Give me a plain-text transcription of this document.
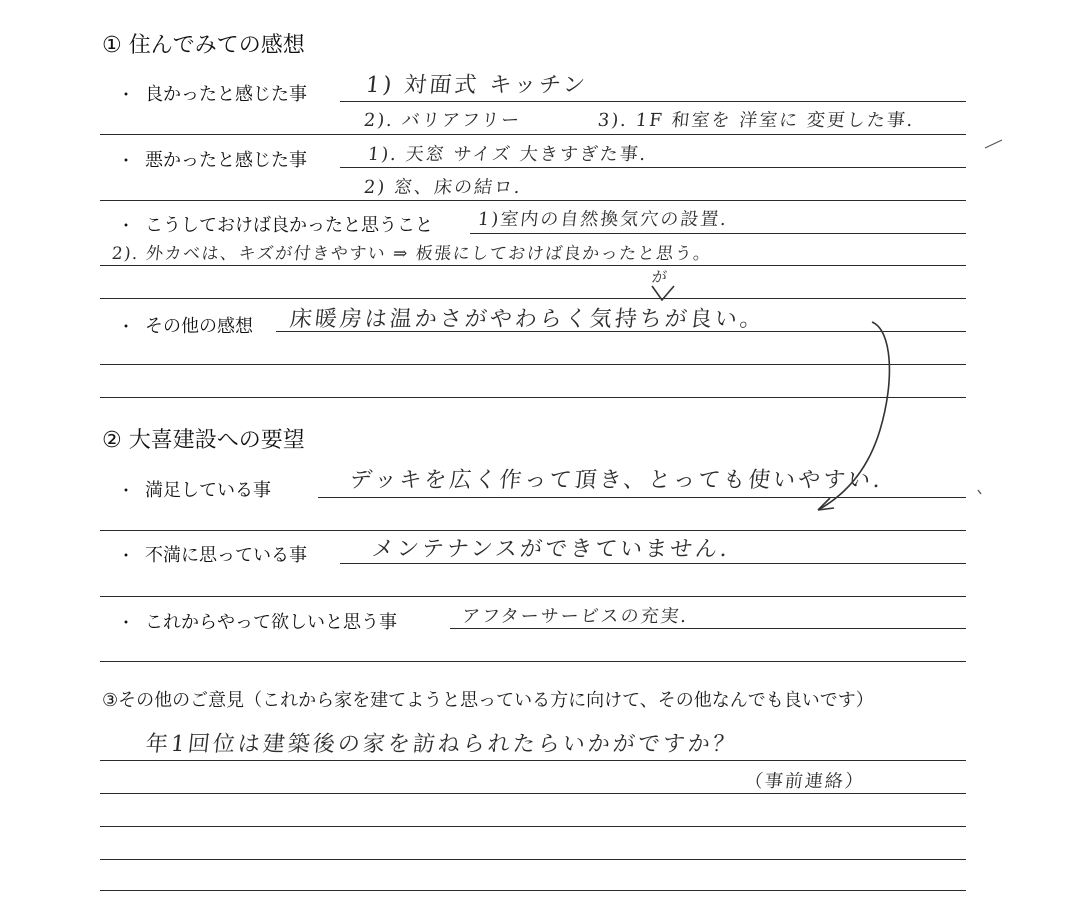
① 住んでみての感想
・ 良かったと感じた事	1) 対面式 キッチン
2). バリアフリー	3). 1F 和室を 洋室に 変更した事.
・ 悪かったと感じた事	1). 天窓 サイズ 大きすぎた事.
2) 窓、床の結ロ.
・ こうしておけば良かったと思うこと 1)室内の自然換気穴の設置.
2). 外カベは、キズが付きやすい ⇒ 板張にしておけば良かったと思う。
が
・ その他の感想 床暖房は温かさがやわらく気持ちが良い。
② 大喜建設への要望
・ 満足している事	デッキを広く作って頂き、とっても使いやすい.
・ 不満に思っている事	メンテナンスができていません.
・ これからやって欲しいと思う事	アフターサービスの充実.
③その他のご意見（これから家を建てようと思っている方に向けて、その他なんでも良いです）
年1回位は建築後の家を訪ねられたらいかがですか？
（事前連絡）
